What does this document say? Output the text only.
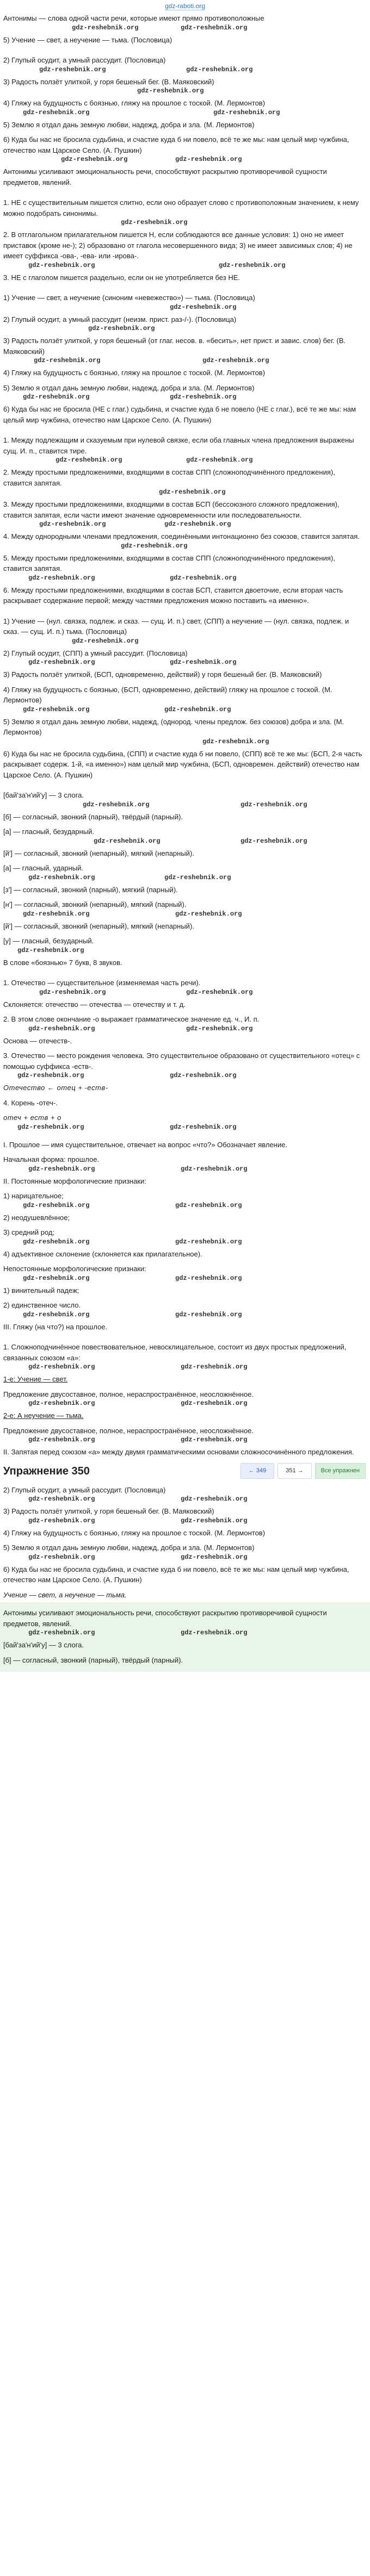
gdz-raboti.org

Антонимы — слова одной части речи, которые имеют прямо противоположные

gdz-reshebnik.org	gdz-reshebnik.org

5) Учение — свет, а неучение — тьма. (Пословица)

2) Глупый осудит, а умный рассудит. (Пословица)

gdz-reshebnik.org	gdz-reshebnik.org

3) Радость ползёт улиткой, у горя бешеный бег. (В. Маяковский)

gdz-reshebnik.org

4) Гляжу на будущность с боязнью, гляжу на прошлое с тоской. (М. Лермонтов)

gdz-reshebnik.org	gdz-reshebnik.org

5) Землю я отдал дань земную любви, надежд, добра и зла. (М. Лермонтов)

6) Куда бы нас не бросила судьбина, и счастие куда б ни повело, всё те же мы: нам целый мир чужбина, отечество нам Царское Село. (А. Пушкин)

gdz-reshebnik.org	gdz-reshebnik.org

Антонимы усиливают эмоциональность речи, способствуют раскрытию противоречивой сущности предметов, явлений.

1. НЕ с существительным пишется слитно, если оно образует слово с противоположным значением, к нему можно подобрать синонимы.

gdz-reshebnik.org

2. В отглагольном прилагательном пишется Н, если соблюдаются все данные условия: 1) оно не имеет приставок (кроме не-); 2) образовано от глагола несовершенного вида; 3) не имеет зависимых слов; 4) не имеет суффикса -ова-, -ева- или -ирова-.

gdz-reshebnik.org	gdz-reshebnik.org

3. НЕ с глаголом пишется раздельно, если он не употребляется без НЕ.

1) Учение — свет, а неучение (синоним «невежество») — тьма. (Пословица)

gdz-reshebnik.org

2) Глупый осудит, а умный рассудит (неизм. прист. раз-/-). (Пословица)

gdz-reshebnik.org

3) Радость ползёт улиткой, у горя бешеный (от глаг. несов. в. «бесить», нет прист. и завис. слов) бег. (В. Маяковский)

gdz-reshebnik.org	gdz-reshebnik.org

4) Гляжу на будущность с боязнью, гляжу на прошлое с тоской. (М. Лермонтов)

5) Землю я отдал дань земную любви, надежд, добра и зла. (М. Лермонтов)

gdz-reshebnik.org	gdz-reshebnik.org

6) Куда бы нас не бросила (НЕ с глаг.) судьбина, и счастие куда б не повело (НЕ с глаг.), всё те же мы: нам целый мир чужбина, отечество нам Царское Село. (А. Пушкин)

1. Между подлежащим и сказуемым при нулевой связке, если оба главных члена предложения выражены сущ. И. п., ставится тире.

gdz-reshebnik.org	gdz-reshebnik.org

2. Между простыми предложениями, входящими в состав СПП (сложноподчинённого предложения), ставится запятая.

gdz-reshebnik.org

3. Между простыми предложениями, входящими в состав БСП (бессоюзного сложного предложения), ставится запятая, если части имеют значение одновременности или последовательности.

gdz-reshebnik.org	gdz-reshebnik.org

4. Между однородными членами предложения, соединёнными интонационно без союзов, ставится запятая.

gdz-reshebnik.org

5. Между простыми предложениями, входящими в состав СПП (сложноподчинённого предложения), ставится запятая.

gdz-reshebnik.org	gdz-reshebnik.org

6. Между простыми предложениями, входящими в состав БСП, ставится двоеточие, если вторая часть раскрывает содержание первой; между частями предложения можно поставить «а именно».

1) Учение — (нул. связка, подлеж. и сказ. — сущ. И. п.) свет, (СПП) а неучение — (нул. связка, подлеж. и сказ. — сущ. И. п.) тьма. (Пословица)

gdz-reshebnik.org

2) Глупый осудит, (СПП) а умный рассудит. (Пословица)

gdz-reshebnik.org	gdz-reshebnik.org

3) Радость ползёт улиткой, (БСП, одновременно, действий) у горя бешеный бег. (В. Маяковский)

4) Гляжу на будущность с боязнью, (БСП, одновременно, действий) гляжу на прошлое с тоской. (М. Лермонтов)

gdz-reshebnik.org	gdz-reshebnik.org

5) Землю я отдал дань земную любви, надежд, (однород. члены предлож. без союзов) добра и зла. (М. Лермонтов)

gdz-reshebnik.org

6) Куда бы нас не бросила судьбина, (СПП) и счастие куда б ни повело, (СПП) всё те же мы: (БСП, 2-я часть раскрывает содерж. 1-й, «а именно») нам целый мир чужбина, (БСП, одновремен. действий) отечество нам Царское Село. (А. Пушкин)

[бай'за'н'ий'у] — 3 слога.

gdz-reshebnik.org	gdz-reshebnik.org

[б] — согласный, звонкий (парный), твёрдый (парный).

[а] — гласный, безударный.

gdz-reshebnik.org	gdz-reshebnik.org

[й'] — согласный, звонкий (непарный), мягкий (непарный).

[а] — гласный, ударный.

gdz-reshebnik.org	gdz-reshebnik.org

[з'] — согласный, звонкий (парный), мягкий (парный).

[н'] — согласный, звонкий (непарный), мягкий (парный).

gdz-reshebnik.org	gdz-reshebnik.org

[й'] — согласный, звонкий (непарный), мягкий (непарный).

[у] — гласный, безударный.

gdz-reshebnik.org

В слове «боязнью» 7 букв, 8 звуков.

1. Отечество — существительное (изменяемая часть речи).

gdz-reshebnik.org	gdz-reshebnik.org

Склоняется: отечество — отечества — отечеству и т. д.

2. В этом слове окончание -о выражает грамматическое значение ед. ч., И. п.

gdz-reshebnik.org	gdz-reshebnik.org

Основа — отечеств-.

3. Отечество — место рождения человека. Это существительное образовано от существительного «отец» с помощью суффикса -еств-.

gdz-reshebnik.org	gdz-reshebnik.org

Отечество ← отец + -еств-

4. Корень -отеч-.

отеч + еств + о

gdz-reshebnik.org	gdz-reshebnik.org

I. Прошлое — имя существительное, отвечает на вопрос «что?» Обозначает явление.

Начальная форма: прошлое.

gdz-reshebnik.org	gdz-reshebnik.org

II. Постоянные морфологические признаки:

1) нарицательное;

gdz-reshebnik.org	gdz-reshebnik.org

2) неодушевлённое;

3) средний род;

gdz-reshebnik.org	gdz-reshebnik.org

4) адъективное склонение (склоняется как прилагательное).

Непостоянные морфологические признаки:

gdz-reshebnik.org	gdz-reshebnik.org

1) винительный падеж;

2) единственное число.

gdz-reshebnik.org	gdz-reshebnik.org

III. Гляжу (на что?) на прошлое.

1. Сложноподчинённое повествовательное, невосклицательное, состоит из двух простых предложений, связанных союзом «а»:

gdz-reshebnik.org	gdz-reshebnik.org

1-е: Учение — свет.

Предложение двусоставное, полное, нераспространённое, неосложнённое.

gdz-reshebnik.org	gdz-reshebnik.org

2-е: А неучение — тьма.

Предложение двусоставное, полное, нераспространённое, неосложнённое.

gdz-reshebnik.org	gdz-reshebnik.org

II. Запятая перед союзом «а» между двумя грамматическими основами сложносочинённого предложения.

Упражнение 350	← 349	351 →	Все упражнен

2) Глупый осудит, а умный рассудит. (Пословица)

gdz-reshebnik.org	gdz-reshebnik.org

3) Радость ползёт улиткой, у горя бешеный бег. (В. Маяковский)

gdz-reshebnik.org	gdz-reshebnik.org

4) Гляжу на будущность с боязнью, гляжу на прошлое с тоской. (М. Лермонтов)

5) Землю я отдал дань земную любви, надежд, добра и зла. (М. Лермонтов)

gdz-reshebnik.org	gdz-reshebnik.org

6) Куда бы нас не бросила судьбина, и счастие куда б ни повело, всё те же мы: нам целый мир чужбина, отечество нам Царское Село. (А. Пушкин)

Учение — свет, а неучение — тьма.

Антонимы усиливают эмоциональность речи, способствуют раскрытию противоречивой сущности предметов, явлений.

gdz-reshebnik.org	gdz-reshebnik.org

[бай'за'н'ий'у] — 3 слога.

[б] — согласный, звонкий (парный), твёрдый (парный).
